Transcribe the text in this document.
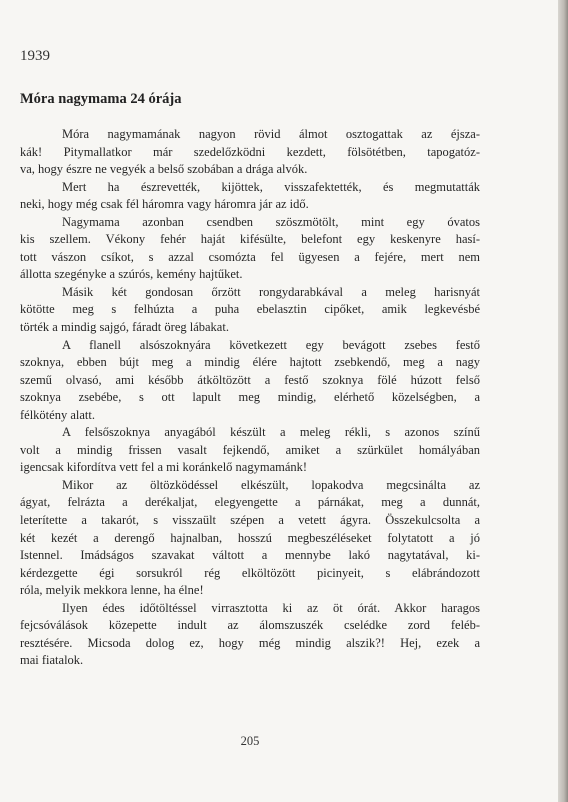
1939
Móra nagymama 24 órája
Móra nagymamának nagyon rövid álmot osztogattak az éjsza-
kák! Pitymallatkor már szedelőzködni kezdett, fölsötétben, tapogatóz-
va, hogy észre ne vegyék a belső szobában a drága alvók.
Mert ha észrevették, kijöttek, visszafektették, és megmutatták
neki, hogy még csak fél háromra vagy háromra jár az idő.
Nagymama azonban csendben szöszmötölt, mint egy óvatos
kis szellem. Vékony fehér haját kifésülte, belefont egy keskenyre hasí-
tott vászon csíkot, s azzal csomózta fel ügyesen a fejére, mert nem
állotta szegényke a szúrós, kemény hajtűket.
Másik két gondosan őrzött rongydarabkával a meleg harisnyát
kötötte meg s felhúzta a puha ebelasztin cipőket, amik legkevésbé
törték a mindig sajgó, fáradt öreg lábakat.
A flanell alsószoknyára következett egy bevágott zsebes festő
szoknya, ebben bújt meg a mindig élére hajtott zsebkendő, meg a nagy
szemű olvasó, ami később átköltözött a festő szoknya fölé húzott felső
szoknya zsebébe, s ott lapult meg mindig, elérhető közelségben, a
félkötény alatt.
A felsőszoknya anyagából készült a meleg rékli, s azonos színű
volt a mindig frissen vasalt fejkendő, amiket a szürkület homályában
igencsak kifordítva vett fel a mi koránkelő nagymamánk!
Mikor az öltözködéssel elkészült, lopakodva megcsinálta az
ágyat, felrázta a derékaljat, elegyengette a párnákat, meg a dunnát,
leterítette a takarót, s visszaült szépen a vetett ágyra. Összekulcsolta a
két kezét a derengő hajnalban, hosszú megbeszéléseket folytatott a jó
Istennel. Imádságos szavakat váltott a mennybe lakó nagytatával, ki-
kérdezgette égi sorsukról rég elköltözött picinyeit, s elábrándozott
róla, melyik mekkora lenne, ha élne!
Ilyen édes időtöltéssel virrasztotta ki az öt órát. Akkor haragos
fejcsóválások közepette indult az álomszuszék cselédke zord feléb-
resztésére. Micsoda dolog ez, hogy még mindig alszik?! Hej, ezek a
mai fiatalok.
205
